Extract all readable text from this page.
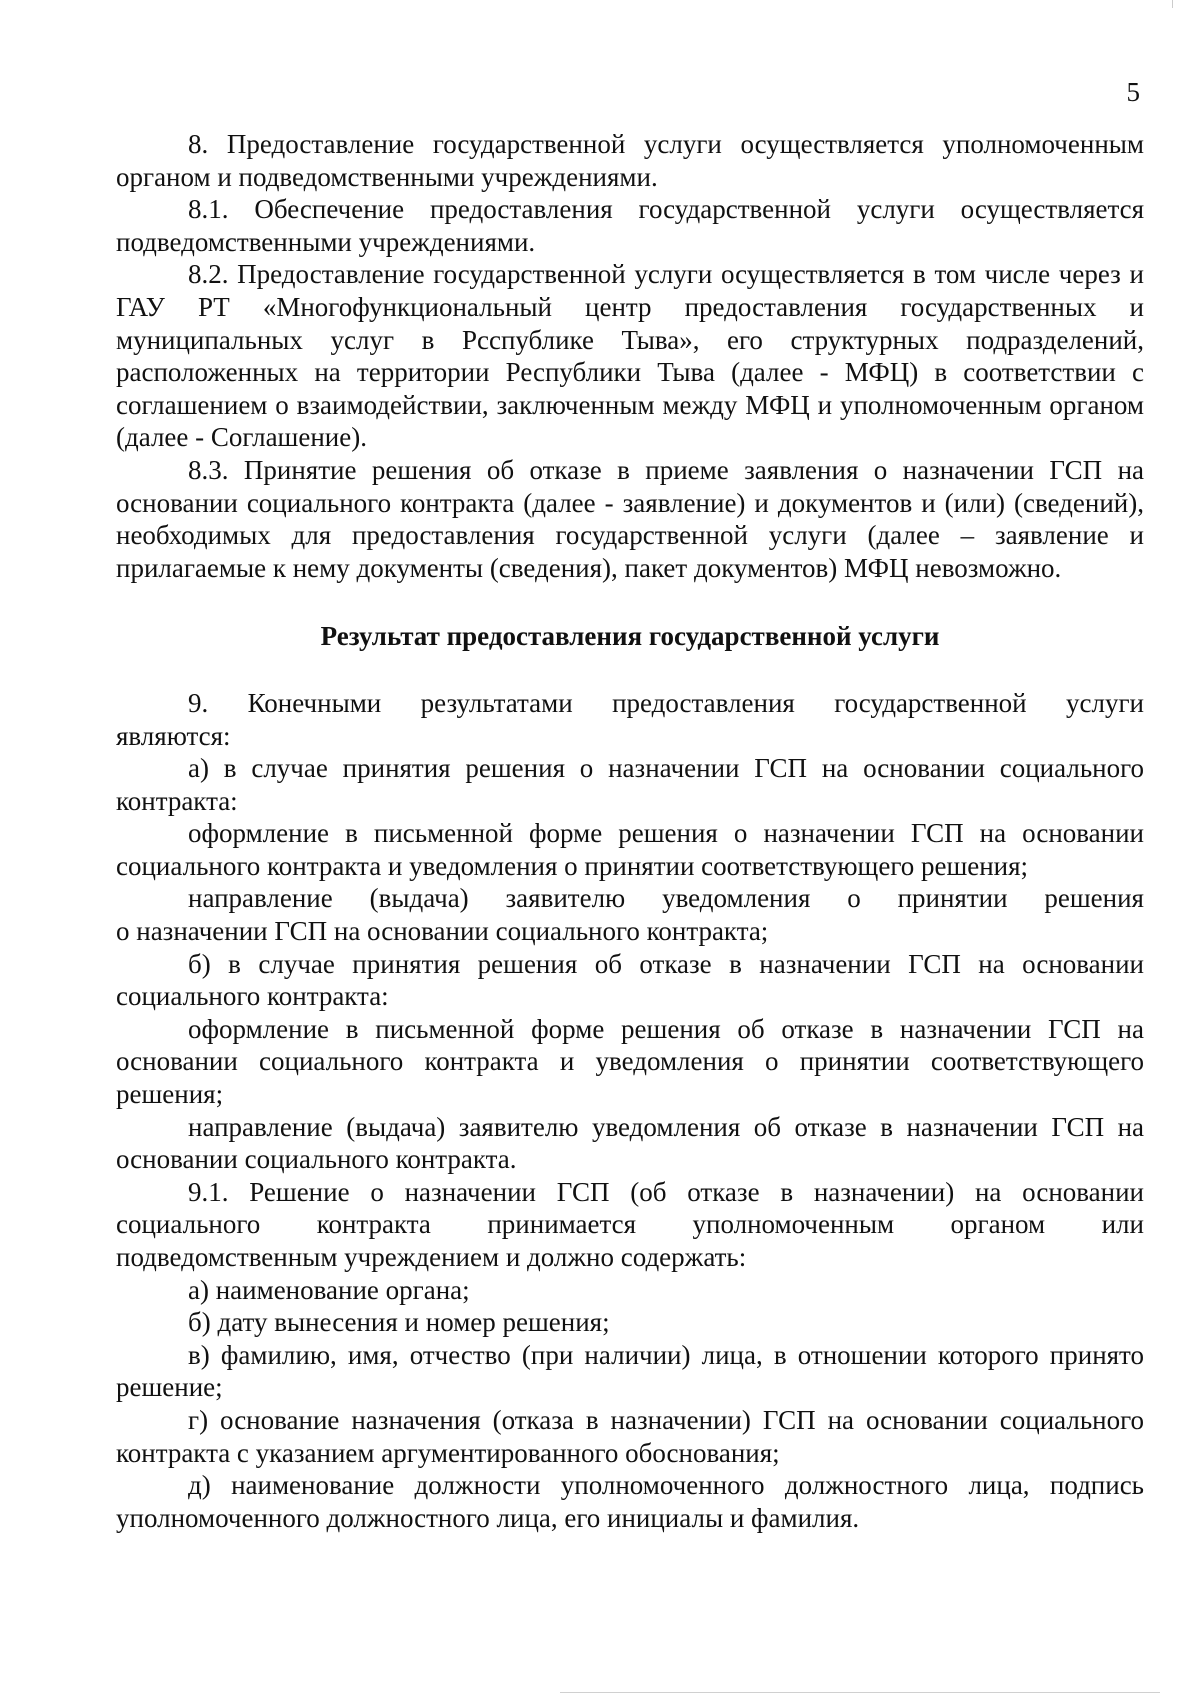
5

8. Предоставление государственной услуги осуществляется уполномоченным органом и подведомственными учреждениями.

8.1. Обеспечение предоставления государственной услуги осуществляется подведомственными учреждениями.

8.2. Предоставление государственной услуги осуществляется в том числе через и ГАУ РТ «Многофункциональный центр предоставления государственных и муниципальных услуг в Рсспублике Тыва», его структурных подразделений, расположенных на территории Республики Тыва (далее - МФЦ) в соответствии с соглашением о взаимодействии, заключенным между МФЦ и уполномоченным органом (далее - Соглашение).

8.3. Принятие решения об отказе в приеме заявления о назначении ГСП на основании социального контракта (далее - заявление) и документов и (или) (сведений), необходимых для предоставления государственной услуги (далее – заявление и прилагаемые к нему документы (сведения), пакет документов) МФЦ невозможно.

Результат предоставления государственной услуги

9. Конечными результатами предоставления государственной услуги

являются:

а) в случае принятия решения о назначении ГСП на основании социального контракта:

оформление в письменной форме решения о назначении ГСП на основании социального контракта и уведомления о принятии соответствующего решения;

направление (выдача) заявителю уведомления о принятии решения

о назначении ГСП на основании социального контракта;

б) в случае принятия решения об отказе в назначении ГСП на основании социального контракта:

оформление в письменной форме решения об отказе в назначении ГСП на основании социального контракта и уведомления о принятии соответствующего решения;

направление (выдача) заявителю уведомления об отказе в назначении ГСП на основании социального контракта.

9.1. Решение о назначении ГСП (об отказе в назначении) на основании

социального контракта принимается уполномоченным органом или

подведомственным учреждением и должно содержать:

а) наименование органа;

б) дату вынесения и номер решения;

в) фамилию, имя, отчество (при наличии) лица, в отношении которого принято решение;

г) основание назначения (отказа в назначении) ГСП на основании социального контракта с указанием аргументированного обоснования;

д) наименование должности уполномоченного должностного лица, подпись уполномоченного должностного лица, его инициалы и фамилия.
